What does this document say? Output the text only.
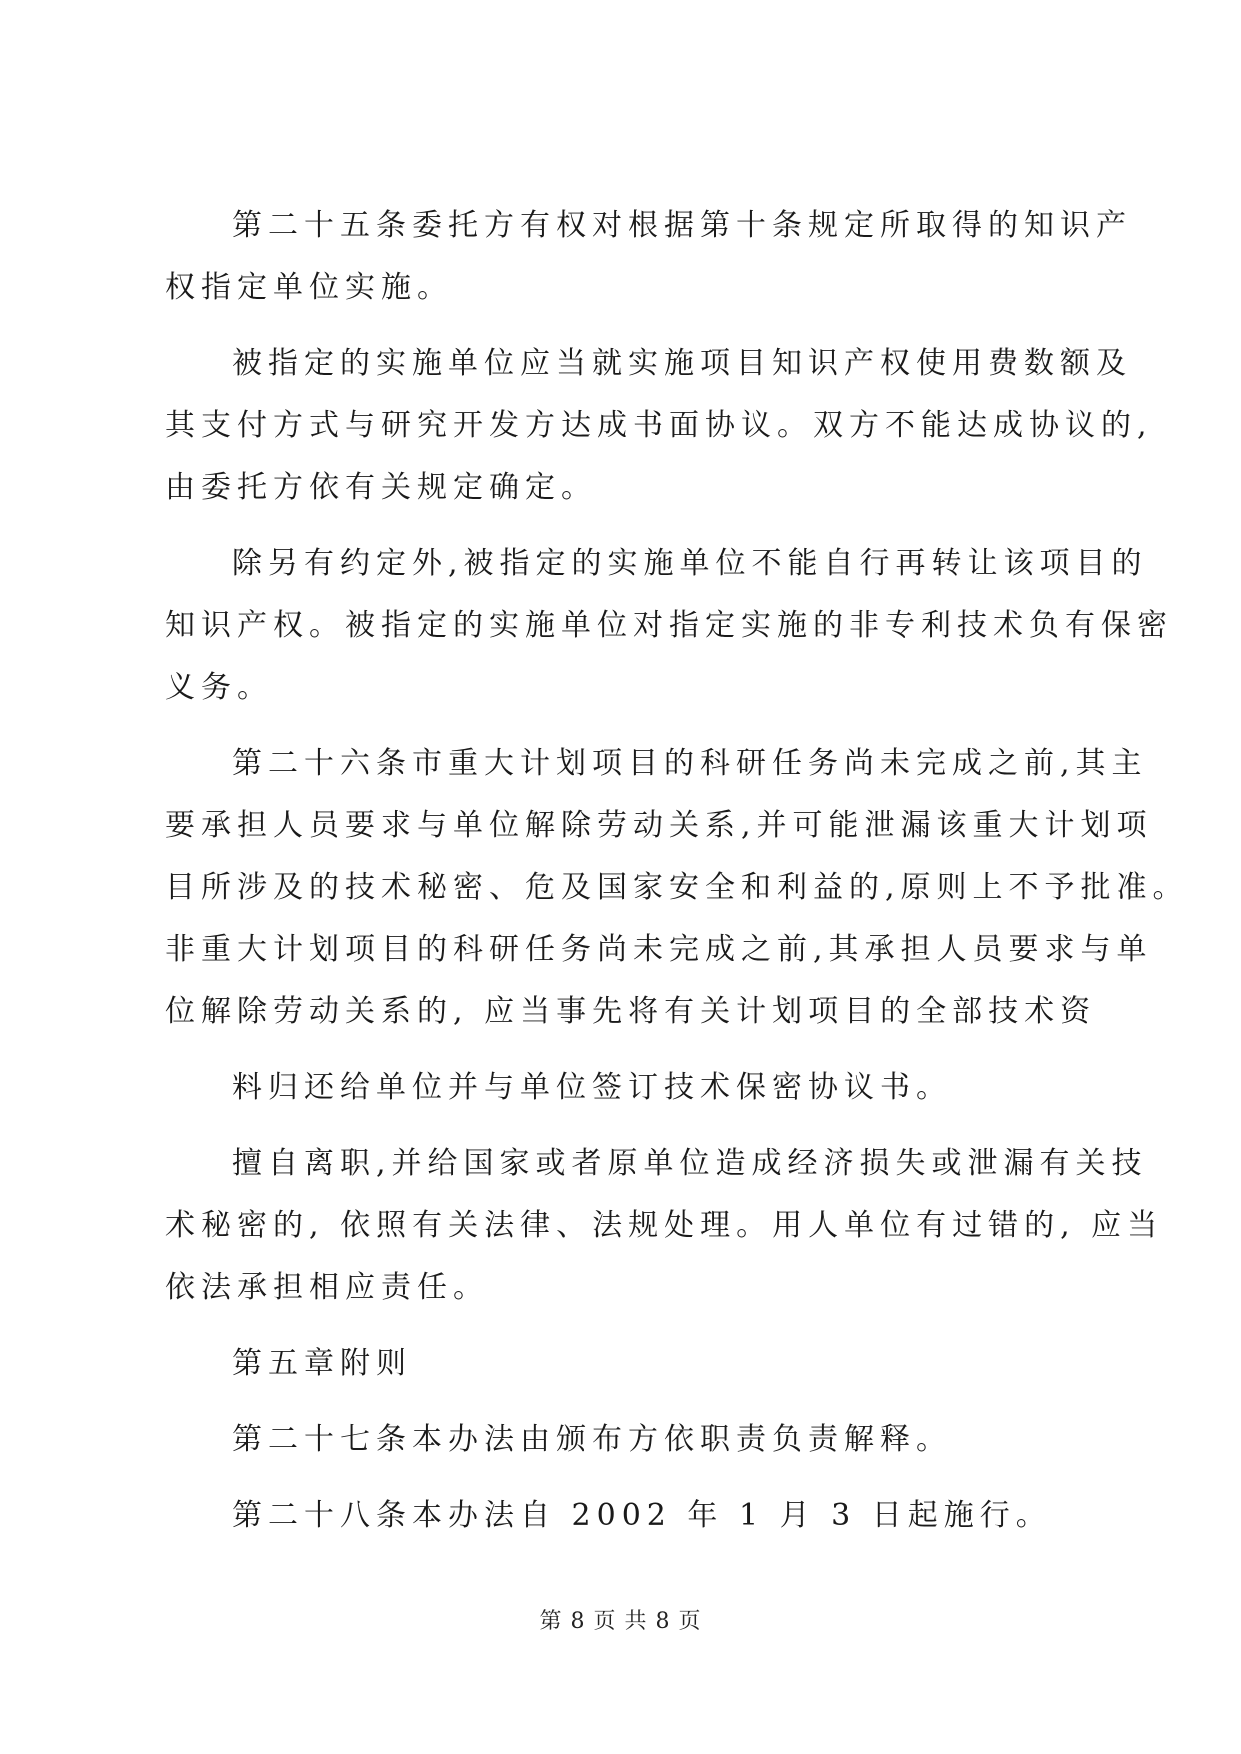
第二十五条委托方有权对根据第十条规定所取得的知识产
权指定单位实施。
被指定的实施单位应当就实施项目知识产权使用费数额及
其支付方式与研究开发方达成书面协议。双方不能达成协议的,
由委托方依有关规定确定。
除另有约定外,被指定的实施单位不能自行再转让该项目的
知识产权。被指定的实施单位对指定实施的非专利技术负有保密
义务。
第二十六条市重大计划项目的科研任务尚未完成之前,其主
要承担人员要求与单位解除劳动关系,并可能泄漏该重大计划项
目所涉及的技术秘密、危及国家安全和利益的,原则上不予批准。
非重大计划项目的科研任务尚未完成之前,其承担人员要求与单
位解除劳动关系的, 应当事先将有关计划项目的全部技术资
料归还给单位并与单位签订技术保密协议书。
擅自离职,并给国家或者原单位造成经济损失或泄漏有关技
术秘密的, 依照有关法律、法规处理。用人单位有过错的, 应当
依法承担相应责任。
第五章附则
第二十七条本办法由颁布方依职责负责解释。
第二十八条本办法自 2002 年 1 月 3 日起施行。
第 8 页 共 8 页
